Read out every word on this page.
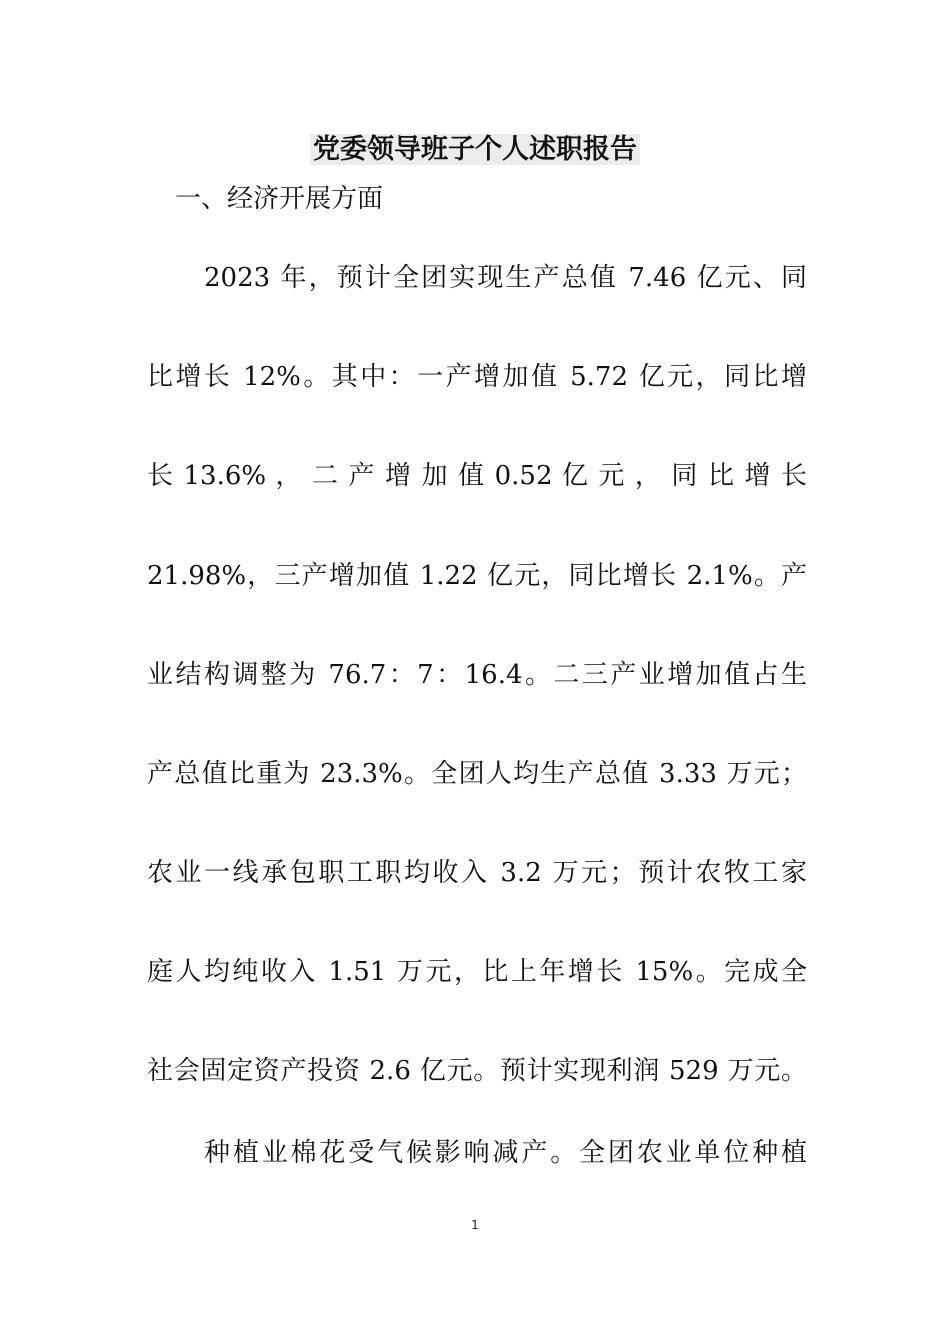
党委领导班子个人述职报告
一、经济开展方面
2023 年，预计全团实现生产总值 7.46 亿元、同
比增长 12%。其中：一产增加值 5.72 亿元，同比增
长 13.6% ， 二 产 增 加 值 0.52 亿 元 ， 同 比 增 长
21.98%，三产增加值 1.22 亿元，同比增长 2.1%。产
业结构调整为 76.7：7：16.4。二三产业增加值占生
产总值比重为 23.3%。全团人均生产总值 3.33 万元；
农业一线承包职工职均收入 3.2 万元；预计农牧工家
庭人均纯收入 1.51 万元，比上年增长 15%。完成全
社会固定资产投资 2.6 亿元。预计实现利润 529 万元。
种植业棉花受气候影响减产。全团农业单位种植
1
